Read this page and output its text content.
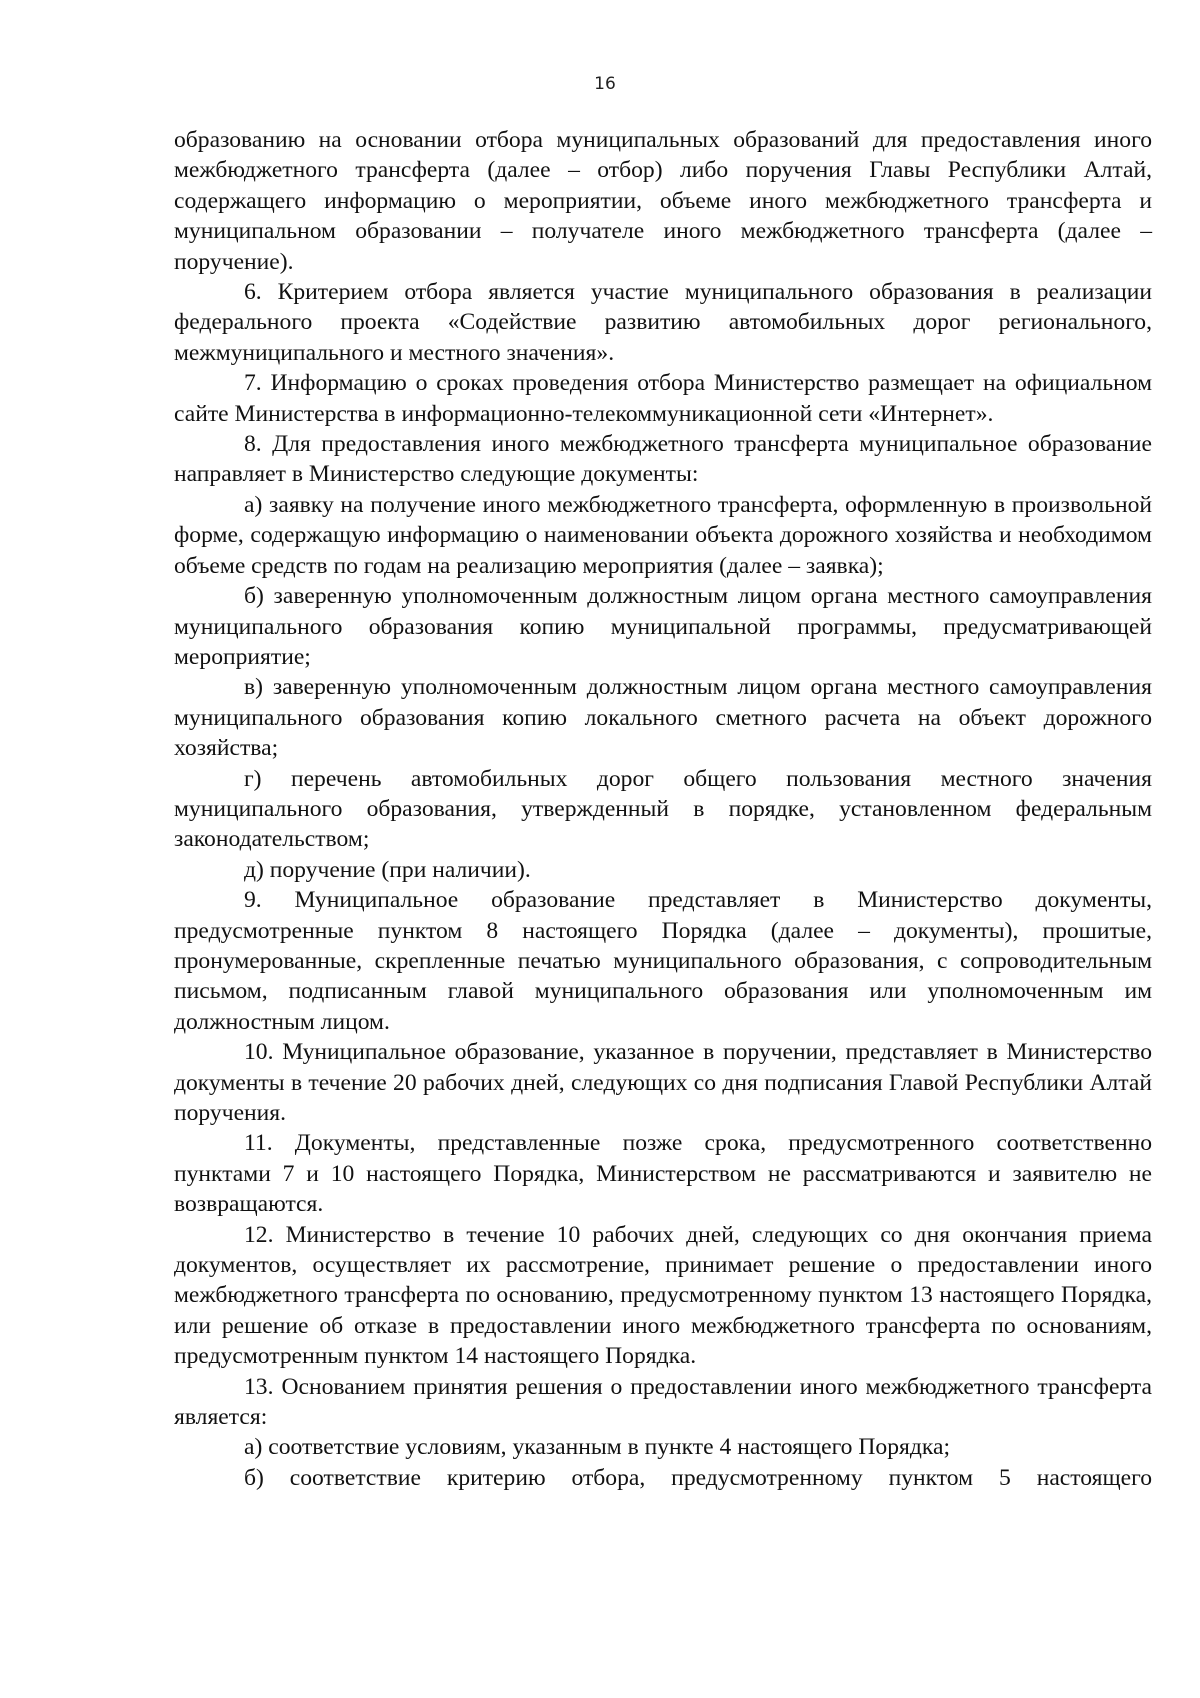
16

образованию на основании отбора муниципальных образований для предоставления иного межбюджетного трансферта (далее – отбор) либо поручения Главы Республики Алтай, содержащего информацию о мероприятии, объеме иного межбюджетного трансферта и муниципальном образовании – получателе иного межбюджетного трансферта (далее – поручение).

6. Критерием отбора является участие муниципального образования в реализации федерального проекта «Содействие развитию автомобильных дорог регионального, межмуниципального и местного значения».

7. Информацию о сроках проведения отбора Министерство размещает на официальном сайте Министерства в информационно-телекоммуникационной сети «Интернет».

8. Для предоставления иного межбюджетного трансферта муниципальное образование направляет в Министерство следующие документы:

а) заявку на получение иного межбюджетного трансферта, оформленную в произвольной форме, содержащую информацию о наименовании объекта дорожного хозяйства и необходимом объеме средств по годам на реализацию мероприятия (далее – заявка);

б) заверенную уполномоченным должностным лицом органа местного самоуправления муниципального образования копию муниципальной программы, предусматривающей мероприятие;

в) заверенную уполномоченным должностным лицом органа местного самоуправления муниципального образования копию локального сметного расчета на объект дорожного хозяйства;

г) перечень автомобильных дорог общего пользования местного значения муниципального образования, утвержденный в порядке, установленном федеральным законодательством;

д) поручение (при наличии).

9. Муниципальное образование представляет в Министерство документы, предусмотренные пунктом 8 настоящего Порядка (далее – документы), прошитые, пронумерованные, скрепленные печатью муниципального образования, с сопроводительным письмом, подписанным главой муниципального образования или уполномоченным им должностным лицом.

10. Муниципальное образование, указанное в поручении, представляет в Министерство документы в течение 20 рабочих дней, следующих со дня подписания Главой Республики Алтай поручения.

11. Документы, представленные позже срока, предусмотренного соответственно пунктами 7 и 10 настоящего Порядка, Министерством не рассматриваются и заявителю не возвращаются.

12. Министерство в течение 10 рабочих дней, следующих со дня окончания приема документов, осуществляет их рассмотрение, принимает решение о предоставлении иного межбюджетного трансферта по основанию, предусмотренному пунктом 13 настоящего Порядка, или решение об отказе в предоставлении иного межбюджетного трансферта по основаниям, предусмотренным пунктом 14 настоящего Порядка.

13. Основанием принятия решения о предоставлении иного межбюджетного трансферта является:

а) соответствие условиям, указанным в пункте 4 настоящего Порядка;

б) соответствие критерию отбора, предусмотренному пунктом 5 настоящего
